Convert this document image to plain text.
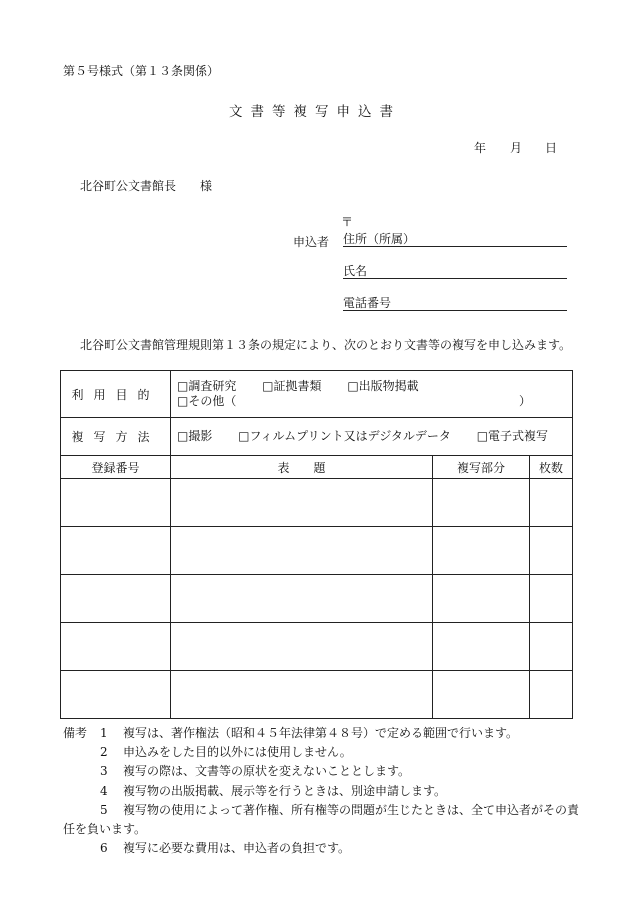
第５号様式（第１３条関係）
文書等複写申込書
年 月 日
北谷町公文書館長　　様
〒
申込者 住所（所属）
氏名
電話番号
北谷町公文書館管理規則第１３条の規定により、次のとおり文書等の複写を申し込みます。
利用目的	□調査研究 □証拠書類 □出版物掲載
□その他（ ）		

複写方法	□撮影 □フィルムプリント又はデジタルデータ □電子式複写		
登録番号	表　　題	複写部分	枚数

備考	1	複写は、著作権法（昭和４５年法律第４８号）で定める範囲で行います。
2	申込みをした目的以外には使用しません。
3	複写の際は、文書等の原状を変えないこととします。
4	複写物の出版掲載、展示等を行うときは、別途申請します。
5	複写物の使用によって著作権、所有権等の問題が生じたときは、全て申込者がその責
任を負います。
6	複写に必要な費用は、申込者の負担です。
